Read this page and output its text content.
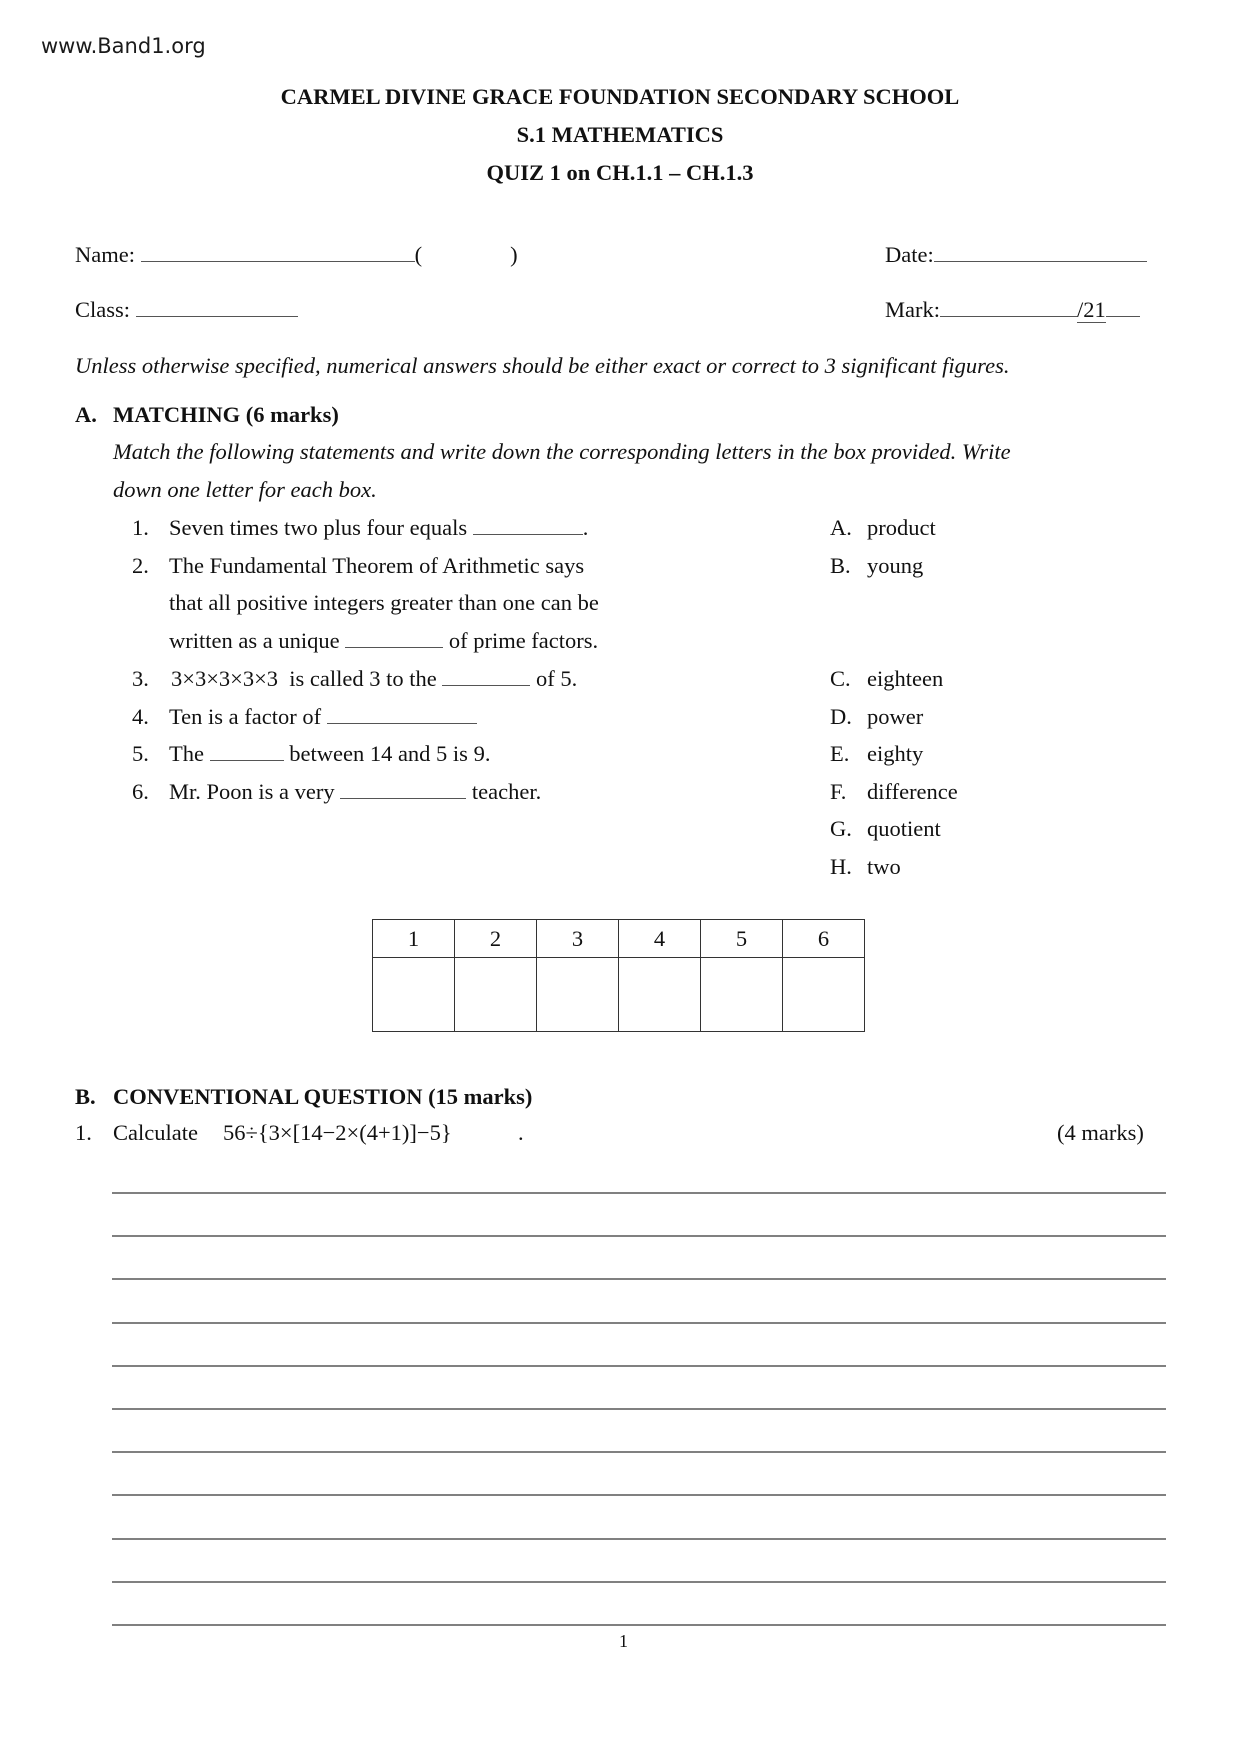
www.Band1.org
CARMEL DIVINE GRACE FOUNDATION SECONDARY SCHOOL
S.1 MATHEMATICS
QUIZ 1 on CH.1.1 – CH.1.3
Name:	(	)	Date:
Class:	Mark:	/21
Unless otherwise specified, numerical answers should be either exact or correct to 3 significant figures.
A. MATCHING (6 marks)
Match the following statements and write down the corresponding letters in the box provided. Write
down one letter for each box.
1. Seven times two plus four equals	.
2. The Fundamental Theorem of Arithmetic says
that all positive integers greater than one can be
written as a unique	of prime factors.
3. 3×3×3×3×3 is called 3 to the	of 5.
4. Ten is a factor of
5. The	between 14 and 5 is 9.
6. Mr. Poon is a very	teacher.
A. product
B. young
C. eighteen
D. power
E. eighty
F. difference
G. quotient
H. two
1	2	3	4	5	6

B. CONVENTIONAL QUESTION (15 marks)
1. Calculate 56÷{3×[14−2×(4+1)]−5}	.	(4 marks)
1
